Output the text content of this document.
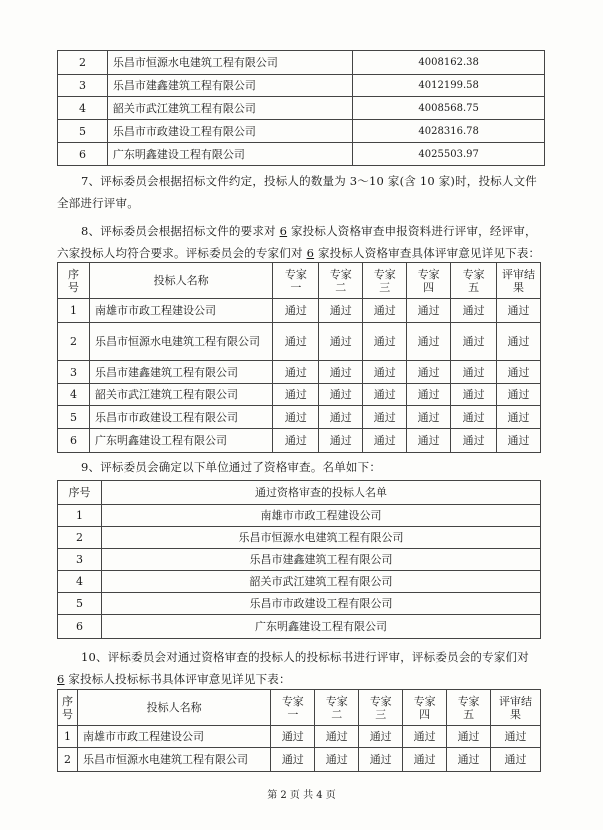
2	乐昌市恒源水电建筑工程有限公司	4008162.38
3	乐昌市建鑫建筑工程有限公司	4012199.58
4	韶关市武江建筑工程有限公司	4008568.75
5	乐昌市市政建设工程有限公司	4028316.78
6	广东明鑫建设工程有限公司	4025503.97
7、评标委员会根据招标文件约定，投标人的数量为 3～10 家(含 10 家)时，投标人文件
全部进行评审。
8、评标委员会根据招标文件的要求对 6 家投标人资格审查申报资料进行评审，经评审，
六家投标人均符合要求。评标委员会的专家们对 6 家投标人资格审查具体评审意见详见下表：
序号	投标人名称	专家一	专家二	专家三	专家四	专家五	评审结果
1	南雄市市政工程建设公司	通过	通过	通过	通过	通过	通过
2	乐昌市恒源水电建筑工程有限公司	通过	通过	通过	通过	通过	通过
3	乐昌市建鑫建筑工程有限公司	通过	通过	通过	通过	通过	通过
4	韶关市武江建筑工程有限公司	通过	通过	通过	通过	通过	通过
5	乐昌市市政建设工程有限公司	通过	通过	通过	通过	通过	通过
6	广东明鑫建设工程有限公司	通过	通过	通过	通过	通过	通过
9、评标委员会确定以下单位通过了资格审查。名单如下：
序号	通过资格审查的投标人名单
1	南雄市市政工程建设公司
2	乐昌市恒源水电建筑工程有限公司
3	乐昌市建鑫建筑工程有限公司
4	韶关市武江建筑工程有限公司
5	乐昌市市政建设工程有限公司
6	广东明鑫建设工程有限公司
10、评标委员会对通过资格审查的投标人的投标标书进行评审，评标委员会的专家们对
6 家投标人投标标书具体评审意见详见下表：
序号	投标人名称	专家一	专家二	专家三	专家四	专家五	评审结果
1	南雄市市政工程建设公司	通过	通过	通过	通过	通过	通过
2	乐昌市恒源水电建筑工程有限公司	通过	通过	通过	通过	通过	通过
第 2 页 共 4 页
